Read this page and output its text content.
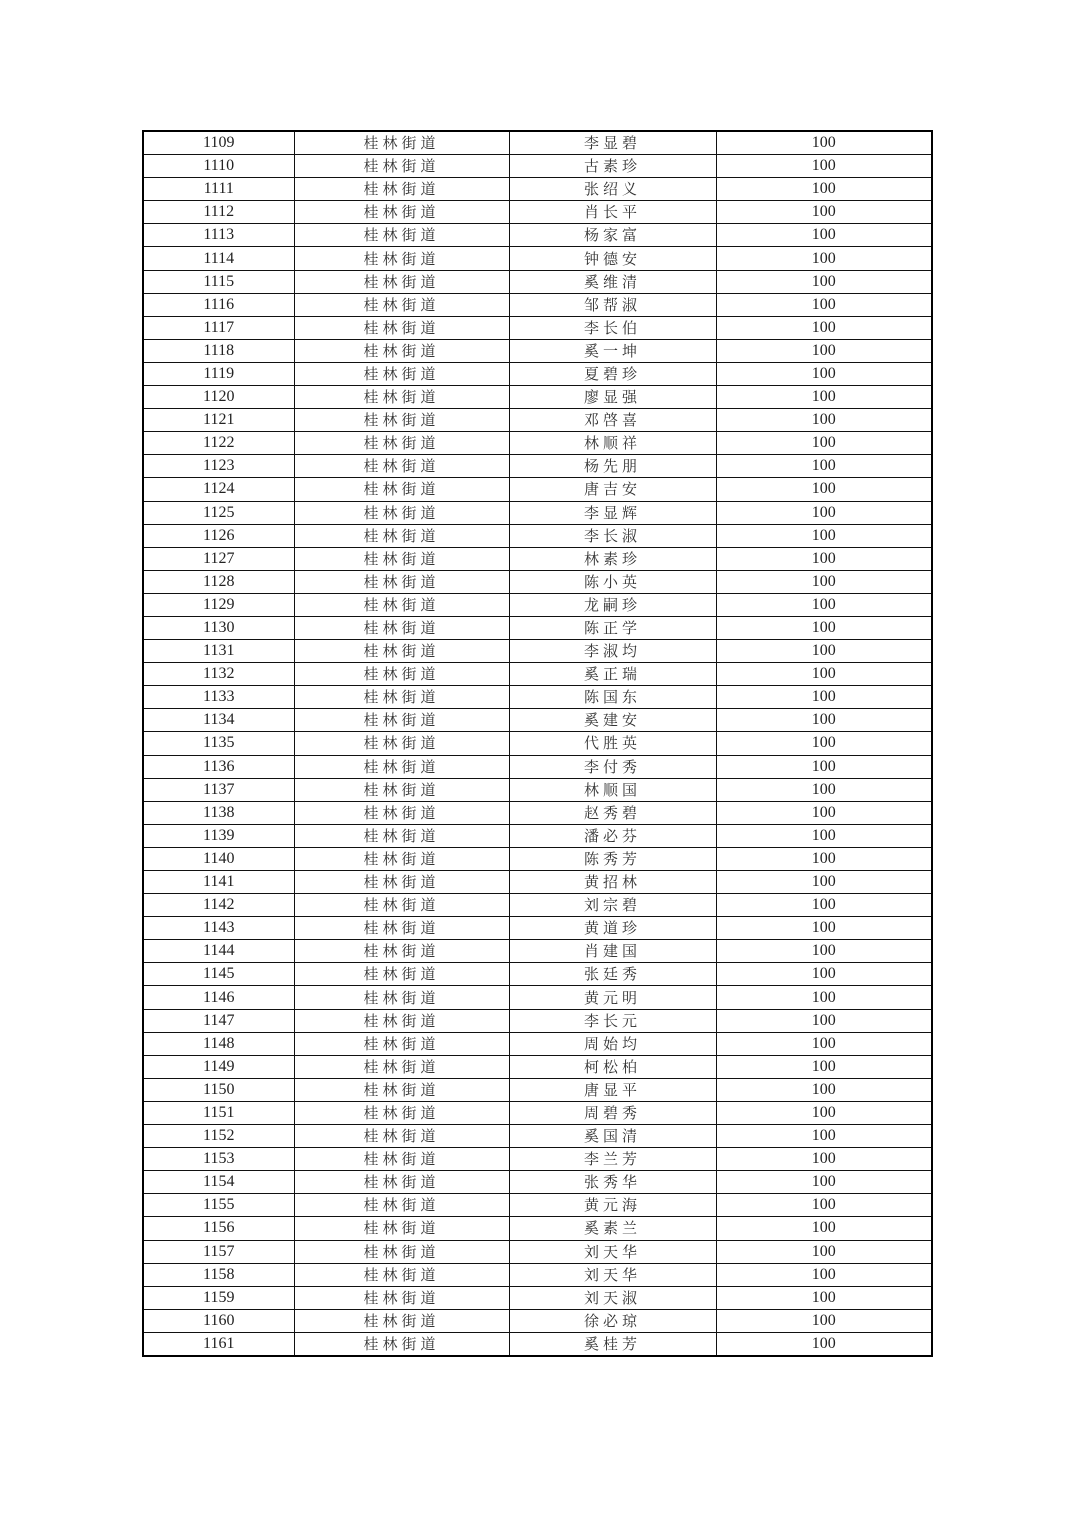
1109	桂林街道	李显碧	100
1110	桂林街道	古素珍	100
1111	桂林街道	张绍义	100
1112	桂林街道	肖长平	100
1113	桂林街道	杨家富	100
1114	桂林街道	钟德安	100
1115	桂林街道	奚维清	100
1116	桂林街道	邹帮淑	100
1117	桂林街道	李长伯	100
1118	桂林街道	奚一坤	100
1119	桂林街道	夏碧珍	100
1120	桂林街道	廖显强	100
1121	桂林街道	邓啓喜	100
1122	桂林街道	林顺祥	100
1123	桂林街道	杨先朋	100
1124	桂林街道	唐吉安	100
1125	桂林街道	李显辉	100
1126	桂林街道	李长淑	100
1127	桂林街道	林素珍	100
1128	桂林街道	陈小英	100
1129	桂林街道	龙嗣珍	100
1130	桂林街道	陈正学	100
1131	桂林街道	李淑均	100
1132	桂林街道	奚正瑞	100
1133	桂林街道	陈国东	100
1134	桂林街道	奚建安	100
1135	桂林街道	代胜英	100
1136	桂林街道	李付秀	100
1137	桂林街道	林顺国	100
1138	桂林街道	赵秀碧	100
1139	桂林街道	潘必芬	100
1140	桂林街道	陈秀芳	100
1141	桂林街道	黄招林	100
1142	桂林街道	刘宗碧	100
1143	桂林街道	黄道珍	100
1144	桂林街道	肖建国	100
1145	桂林街道	张廷秀	100
1146	桂林街道	黄元明	100
1147	桂林街道	李长元	100
1148	桂林街道	周始均	100
1149	桂林街道	柯松柏	100
1150	桂林街道	唐显平	100
1151	桂林街道	周碧秀	100
1152	桂林街道	奚国清	100
1153	桂林街道	李兰芳	100
1154	桂林街道	张秀华	100
1155	桂林街道	黄元海	100
1156	桂林街道	奚素兰	100
1157	桂林街道	刘天华	100
1158	桂林街道	刘天华	100
1159	桂林街道	刘天淑	100
1160	桂林街道	徐必琼	100
1161	桂林街道	奚桂芳	100
